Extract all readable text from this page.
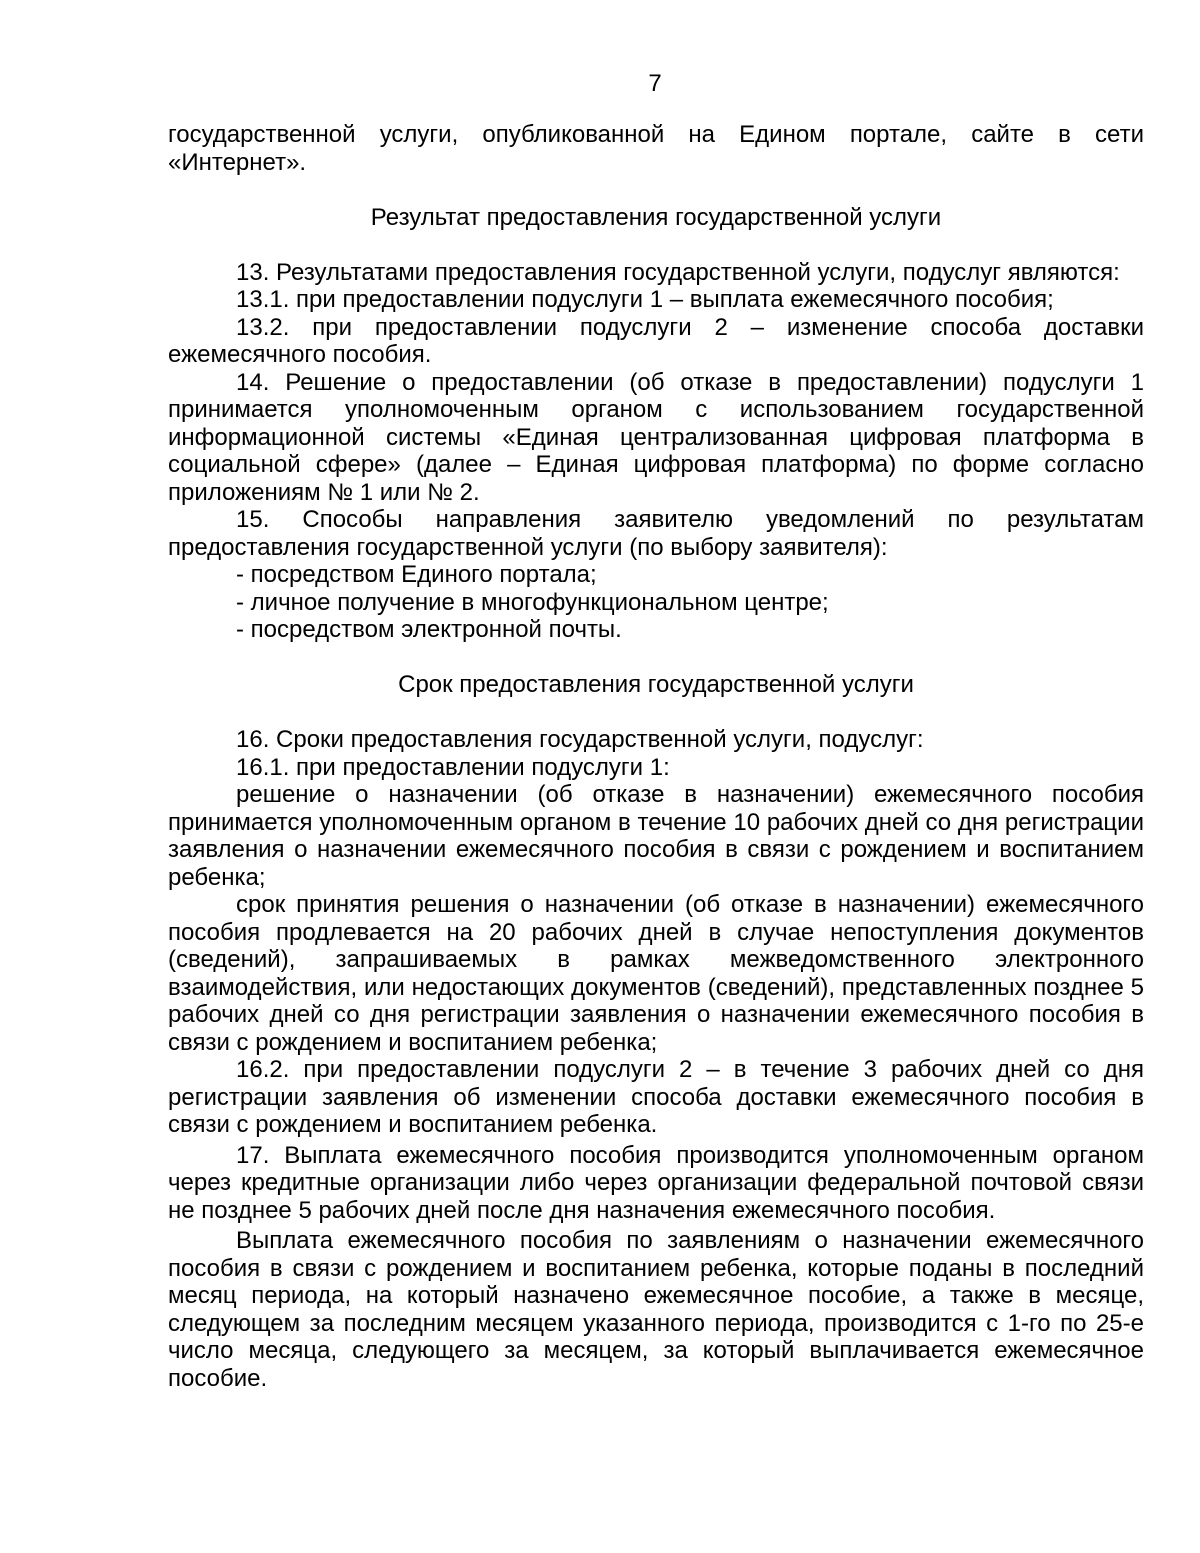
7

государственной услуги, опубликованной на Едином портале, сайте в сети «Интернет».

Результат предоставления государственной услуги

13. Результатами предоставления государственной услуги, подуслуг являются:

13.1. при предоставлении подуслуги 1 – выплата ежемесячного пособия;

13.2. при предоставлении подуслуги 2 – изменение способа доставки ежемесячного пособия.

14. Решение о предоставлении (об отказе в предоставлении) подуслуги 1 принимается уполномоченным органом с использованием государственной информационной системы «Единая централизованная цифровая платформа в социальной сфере» (далее – Единая цифровая платформа) по форме согласно приложениям № 1 или № 2.

15. Способы направления заявителю уведомлений по результатам предоставления государственной услуги (по выбору заявителя):

- посредством Единого портала;

- личное получение в многофункциональном центре;

- посредством электронной почты.

Срок предоставления государственной услуги

16. Сроки предоставления государственной услуги, подуслуг:

16.1. при предоставлении подуслуги 1:

решение о назначении (об отказе в назначении) ежемесячного пособия принимается уполномоченным органом в течение 10 рабочих дней со дня регистрации заявления о назначении ежемесячного пособия в связи с рождением и воспитанием ребенка;

срок принятия решения о назначении (об отказе в назначении) ежемесячного пособия продлевается на 20 рабочих дней в случае непоступления документов (сведений), запрашиваемых в рамках межведомственного электронного взаимодействия, или недостающих документов (сведений), представленных позднее 5 рабочих дней со дня регистрации заявления о назначении ежемесячного пособия в связи с рождением и воспитанием ребенка;

16.2. при предоставлении подуслуги 2 – в течение 3 рабочих дней со дня регистрации заявления об изменении способа доставки ежемесячного пособия в связи с рождением и воспитанием ребенка.

17. Выплата ежемесячного пособия производится уполномоченным органом через кредитные организации либо через организации федеральной почтовой связи не позднее 5 рабочих дней после дня назначения ежемесячного пособия.

Выплата ежемесячного пособия по заявлениям о назначении ежемесячного пособия в связи с рождением и воспитанием ребенка, которые поданы в последний месяц периода, на который назначено ежемесячное пособие, а также в месяце, следующем за последним месяцем указанного периода, производится с 1-го по 25-е число месяца, следующего за месяцем, за который выплачивается ежемесячное пособие.
